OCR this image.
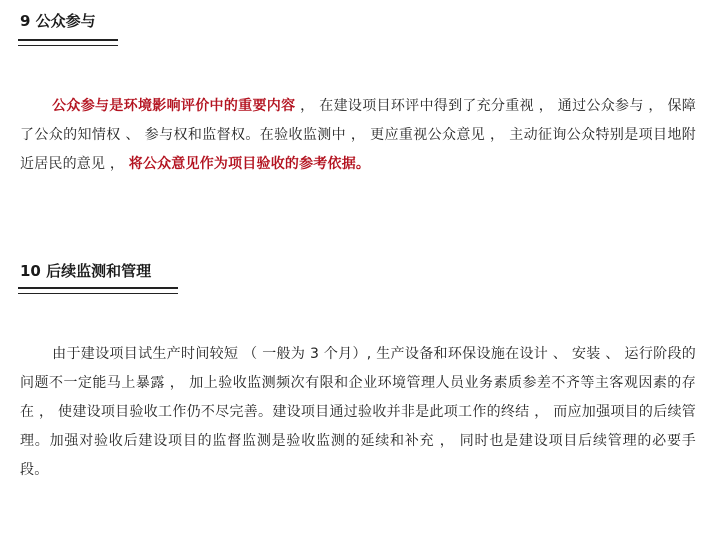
9 公众参与

公众参与是环境影响评价中的重要内容 ， 在建设项目环评中得到了充分重视 ， 通过公众参与 ， 保障了公众的知情权 、 参与权和监督权。在验收监测中 ， 更应重视公众意见 ， 主动征询公众特别是项目地附近居民的意见 ， 将公众意见作为项目验收的参考依据。

10 后续监测和管理

由于建设项目试生产时间较短 （ 一般为 3 个月）, 生产设备和环保设施在设计 、 安装 、 运行阶段的问题不一定能马上暴露 ， 加上验收监测频次有限和企业环境管理人员业务素质参差不齐等主客观因素的存在 ， 使建设项目验收工作仍不尽完善。建设项目通过验收并非是此项工作的终结 ， 而应加强项目的后续管理。加强对验收后建设项目的监督监测是验收监测的延续和补充 ， 同时也是建设项目后续管理的必要手段。
